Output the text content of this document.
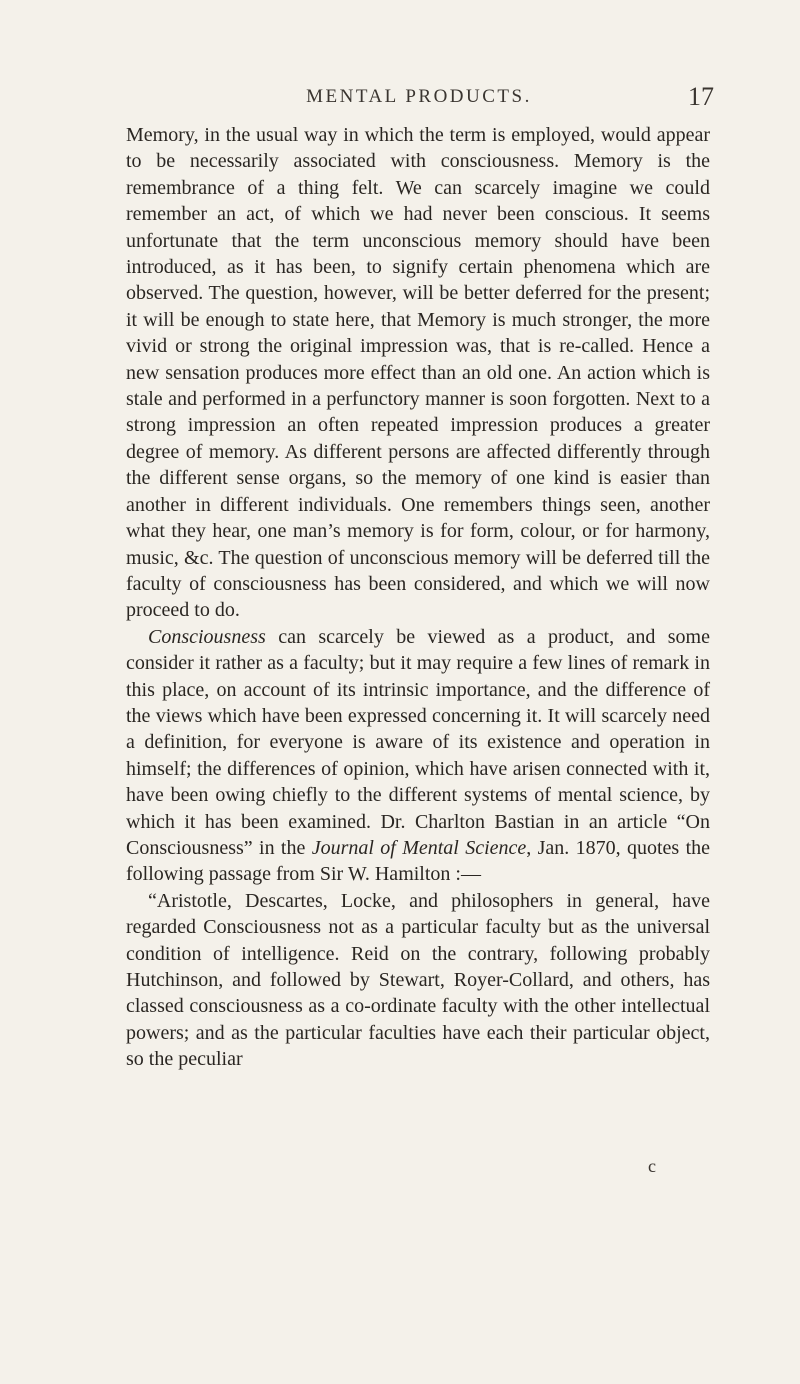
MENTAL PRODUCTS.	17

Memory, in the usual way in which the term is employed, would appear to be necessarily associated with consciousness. Memory is the remembrance of a thing felt. We can scarcely imagine we could remember an act, of which we had never been conscious. It seems unfortunate that the term unconscious memory should have been introduced, as it has been, to signify certain phenomena which are observed. The question, however, will be better deferred for the present; it will be enough to state here, that Memory is much stronger, the more vivid or strong the original impression was, that is re-called. Hence a new sensation produces more effect than an old one. An action which is stale and performed in a perfunctory manner is soon forgotten. Next to a strong impression an often repeated impression produces a greater degree of memory. As different persons are affected differently through the different sense organs, so the memory of one kind is easier than another in different individuals. One remembers things seen, another what they hear, one man’s memory is for form, colour, or for harmony, music, &c. The question of unconscious memory will be deferred till the faculty of consciousness has been considered, and which we will now proceed to do.

Consciousness can scarcely be viewed as a product, and some consider it rather as a faculty; but it may require a few lines of remark in this place, on account of its intrinsic importance, and the difference of the views which have been expressed concerning it. It will scarcely need a definition, for everyone is aware of its existence and operation in himself; the differences of opinion, which have arisen connected with it, have been owing chiefly to the different systems of mental science, by which it has been examined. Dr. Charlton Bastian in an article “On Consciousness” in the Journal of Mental Science, Jan. 1870, quotes the following passage from Sir W. Hamilton :—

“Aristotle, Descartes, Locke, and philosophers in general, have regarded Consciousness not as a particular faculty but as the universal condition of intelligence. Reid on the contrary, following probably Hutchinson, and followed by Stewart, Royer-Collard, and others, has classed consciousness as a co-ordinate faculty with the other intellectual powers; and as the particular faculties have each their particular object, so the peculiar

c
